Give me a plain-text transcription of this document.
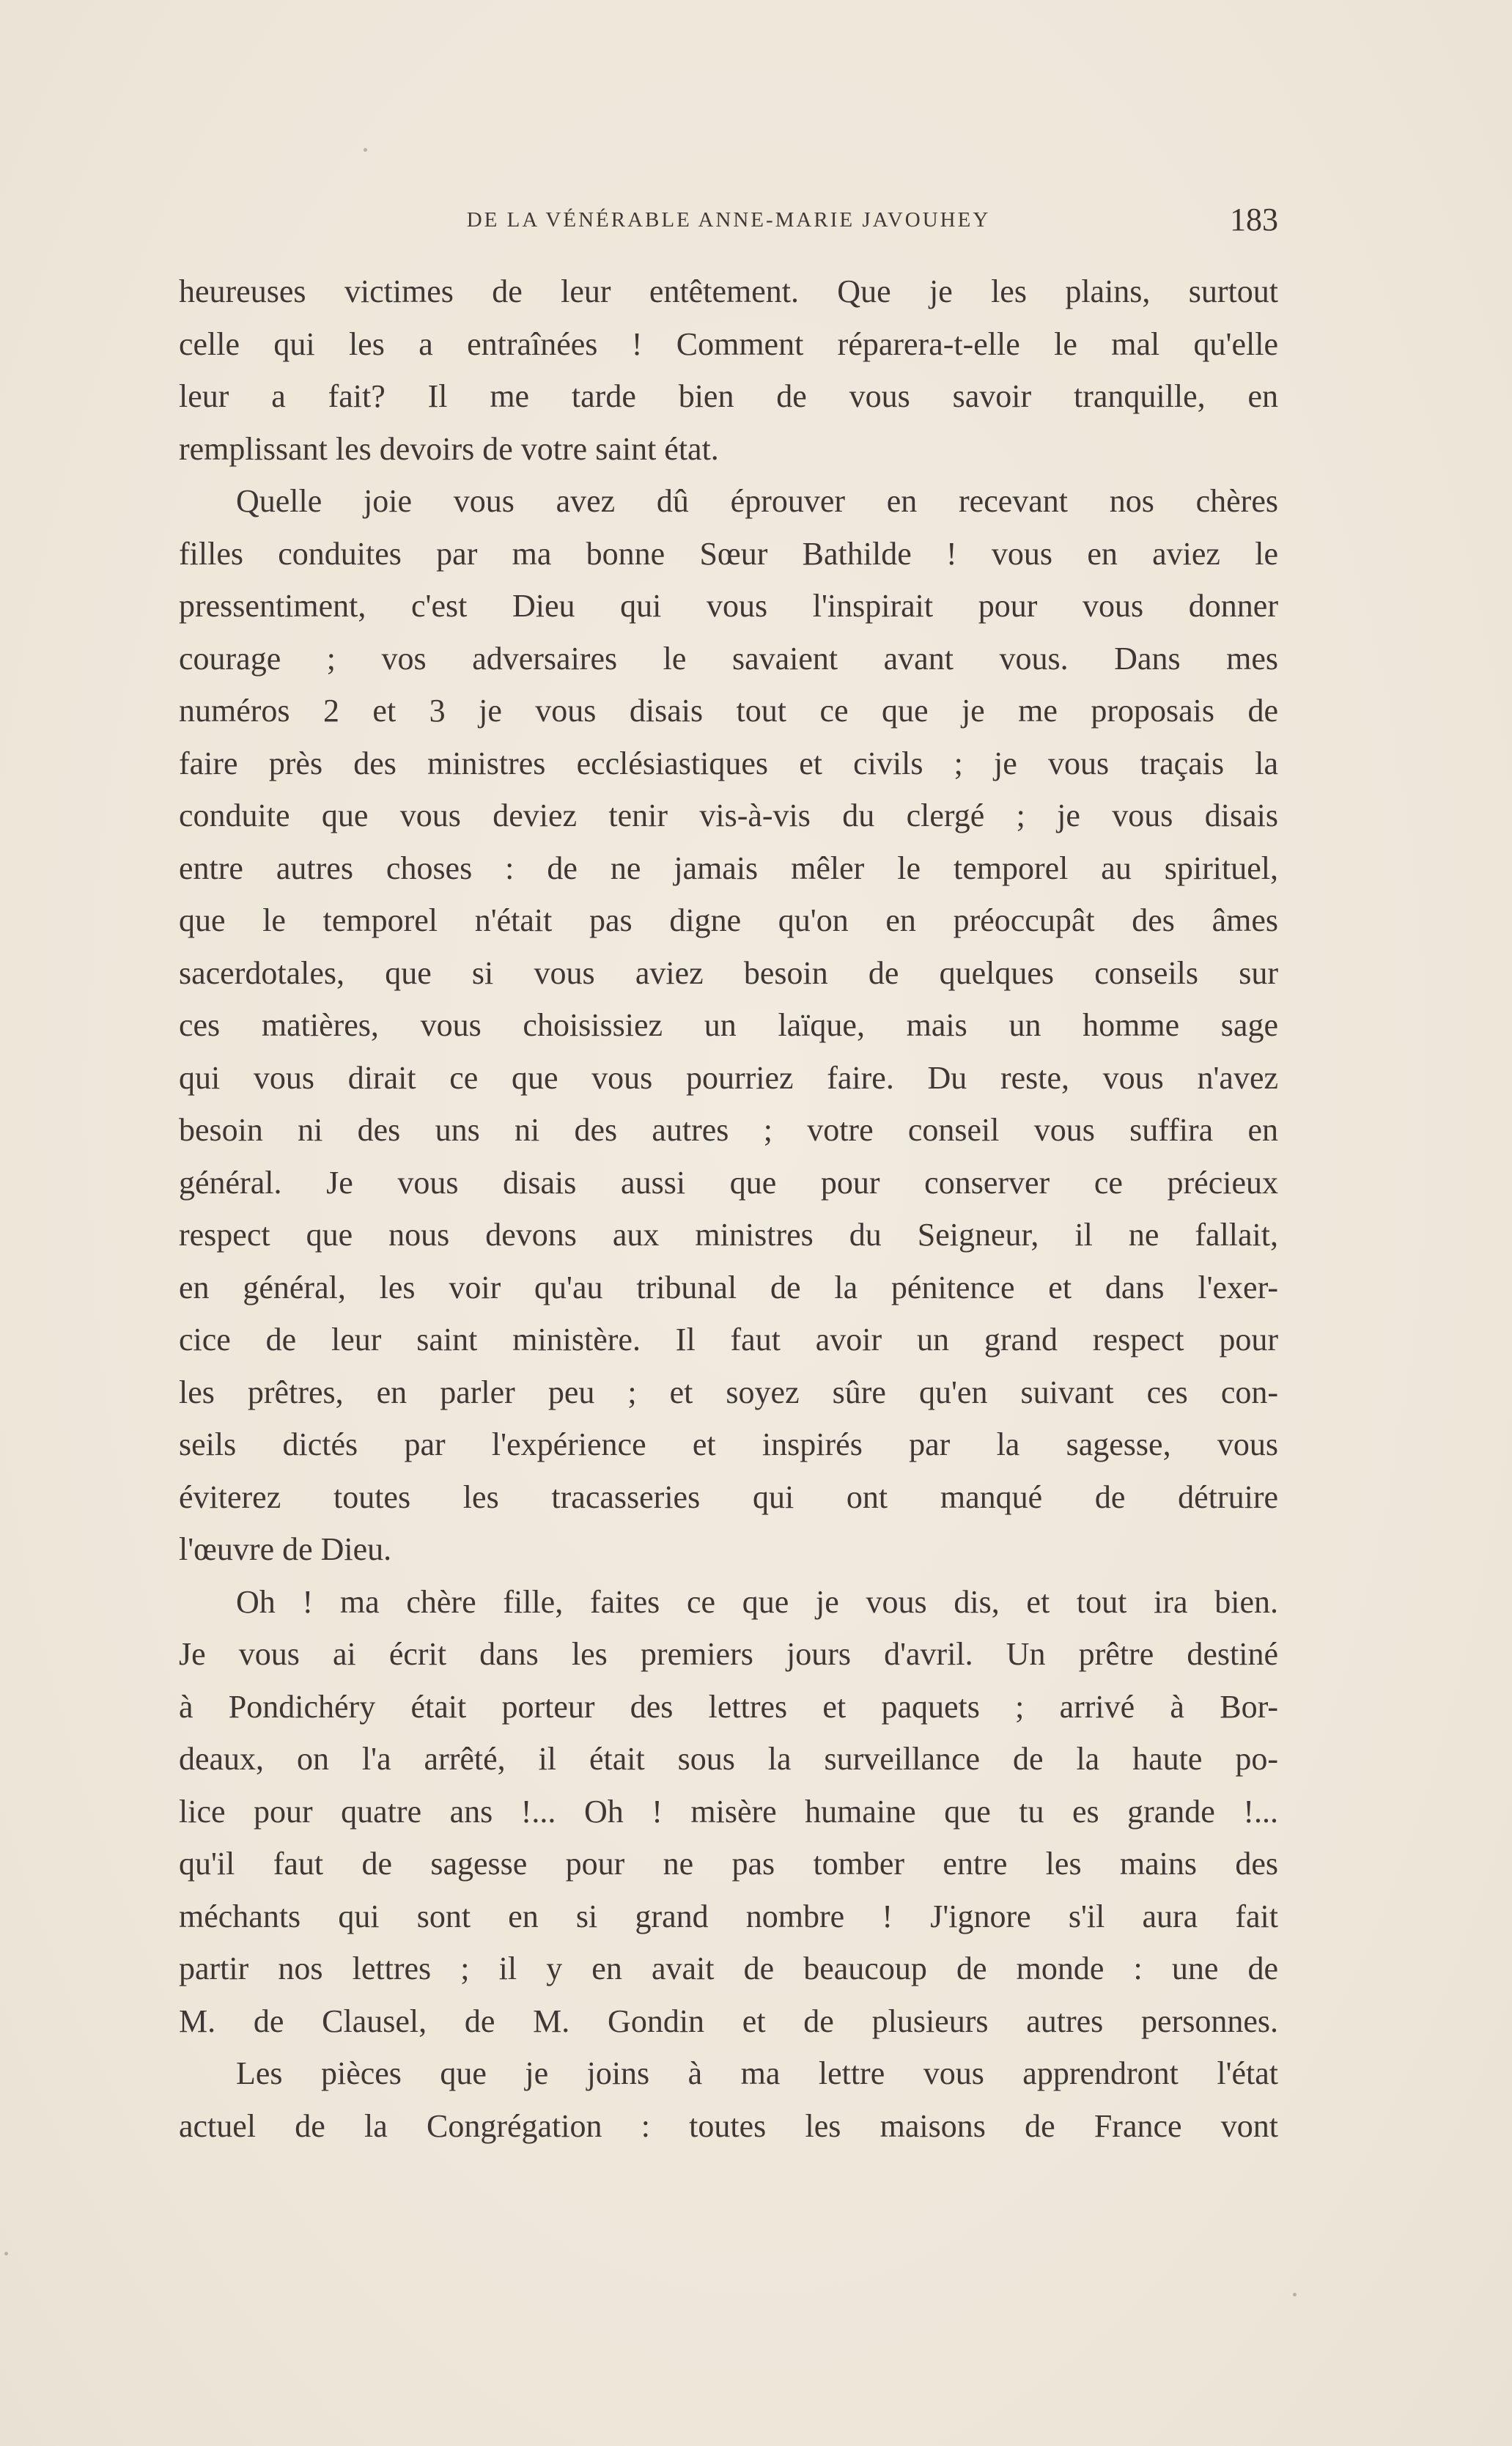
DE LA VÉNÉRABLE ANNE-MARIE JAVOUHEY	183
heureuses victimes de leur entêtement. Que je les plains, surtout
celle qui les a entraînées ! Comment réparera-t-elle le mal qu'elle
leur a fait? Il me tarde bien de vous savoir tranquille, en
remplissant les devoirs de votre saint état.
Quelle joie vous avez dû éprouver en recevant nos chères
filles conduites par ma bonne Sœur Bathilde ! vous en aviez le
pressentiment, c'est Dieu qui vous l'inspirait pour vous donner
courage ; vos adversaires le savaient avant vous. Dans mes
numéros 2 et 3 je vous disais tout ce que je me proposais de
faire près des ministres ecclésiastiques et civils ; je vous traçais la
conduite que vous deviez tenir vis-à-vis du clergé ; je vous disais
entre autres choses : de ne jamais mêler le temporel au spirituel,
que le temporel n'était pas digne qu'on en préoccupât des âmes
sacerdotales, que si vous aviez besoin de quelques conseils sur
ces matières, vous choisissiez un laïque, mais un homme sage
qui vous dirait ce que vous pourriez faire. Du reste, vous n'avez
besoin ni des uns ni des autres ; votre conseil vous suffira en
général. Je vous disais aussi que pour conserver ce précieux
respect que nous devons aux ministres du Seigneur, il ne fallait,
en général, les voir qu'au tribunal de la pénitence et dans l'exer-
cice de leur saint ministère. Il faut avoir un grand respect pour
les prêtres, en parler peu ; et soyez sûre qu'en suivant ces con-
seils dictés par l'expérience et inspirés par la sagesse, vous
éviterez toutes les tracasseries qui ont manqué de détruire
l'œuvre de Dieu.
Oh ! ma chère fille, faites ce que je vous dis, et tout ira bien.
Je vous ai écrit dans les premiers jours d'avril. Un prêtre destiné
à Pondichéry était porteur des lettres et paquets ; arrivé à Bor-
deaux, on l'a arrêté, il était sous la surveillance de la haute po-
lice pour quatre ans !... Oh ! misère humaine que tu es grande !...
qu'il faut de sagesse pour ne pas tomber entre les mains des
méchants qui sont en si grand nombre ! J'ignore s'il aura fait
partir nos lettres ; il y en avait de beaucoup de monde : une de
M. de Clausel, de M. Gondin et de plusieurs autres personnes.
Les pièces que je joins à ma lettre vous apprendront l'état
actuel de la Congrégation : toutes les maisons de France vont
